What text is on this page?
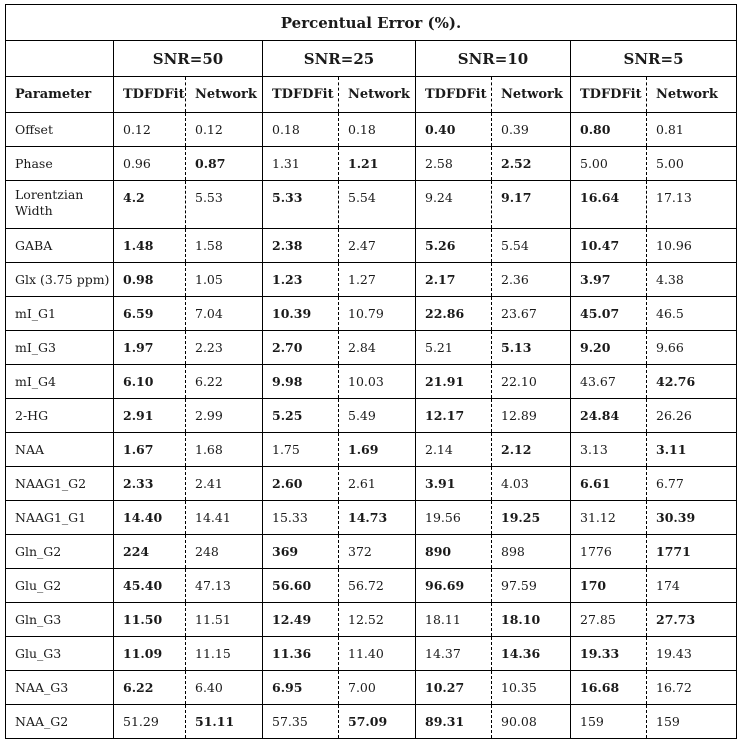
Percentual Error (%).								
	SNR=50		SNR=25		SNR=10		SNR=5	
Parameter	TDFDFit	Network	TDFDFit	Network	TDFDFit	Network	TDFDFit	Network
Offset	0.12	0.12	0.18	0.18	0.40	0.39	0.80	0.81
Phase	0.96	0.87	1.31	1.21	2.58	2.52	5.00	5.00
Lorentzian Width	4.2	5.53	5.33	5.54	9.24	9.17	16.64	17.13
GABA	1.48	1.58	2.38	2.47	5.26	5.54	10.47	10.96
Glx (3.75 ppm)	0.98	1.05	1.23	1.27	2.17	2.36	3.97	4.38
mI_G1	6.59	7.04	10.39	10.79	22.86	23.67	45.07	46.5
mI_G3	1.97	2.23	2.70	2.84	5.21	5.13	9.20	9.66
mI_G4	6.10	6.22	9.98	10.03	21.91	22.10	43.67	42.76
2-HG	2.91	2.99	5.25	5.49	12.17	12.89	24.84	26.26
NAA	1.67	1.68	1.75	1.69	2.14	2.12	3.13	3.11
NAAG1_G2	2.33	2.41	2.60	2.61	3.91	4.03	6.61	6.77
NAAG1_G1	14.40	14.41	15.33	14.73	19.56	19.25	31.12	30.39
Gln_G2	224	248	369	372	890	898	1776	1771
Glu_G2	45.40	47.13	56.60	56.72	96.69	97.59	170	174
Gln_G3	11.50	11.51	12.49	12.52	18.11	18.10	27.85	27.73
Glu_G3	11.09	11.15	11.36	11.40	14.37	14.36	19.33	19.43
NAA_G3	6.22	6.40	6.95	7.00	10.27	10.35	16.68	16.72
NAA_G2	51.29	51.11	57.35	57.09	89.31	90.08	159	159
